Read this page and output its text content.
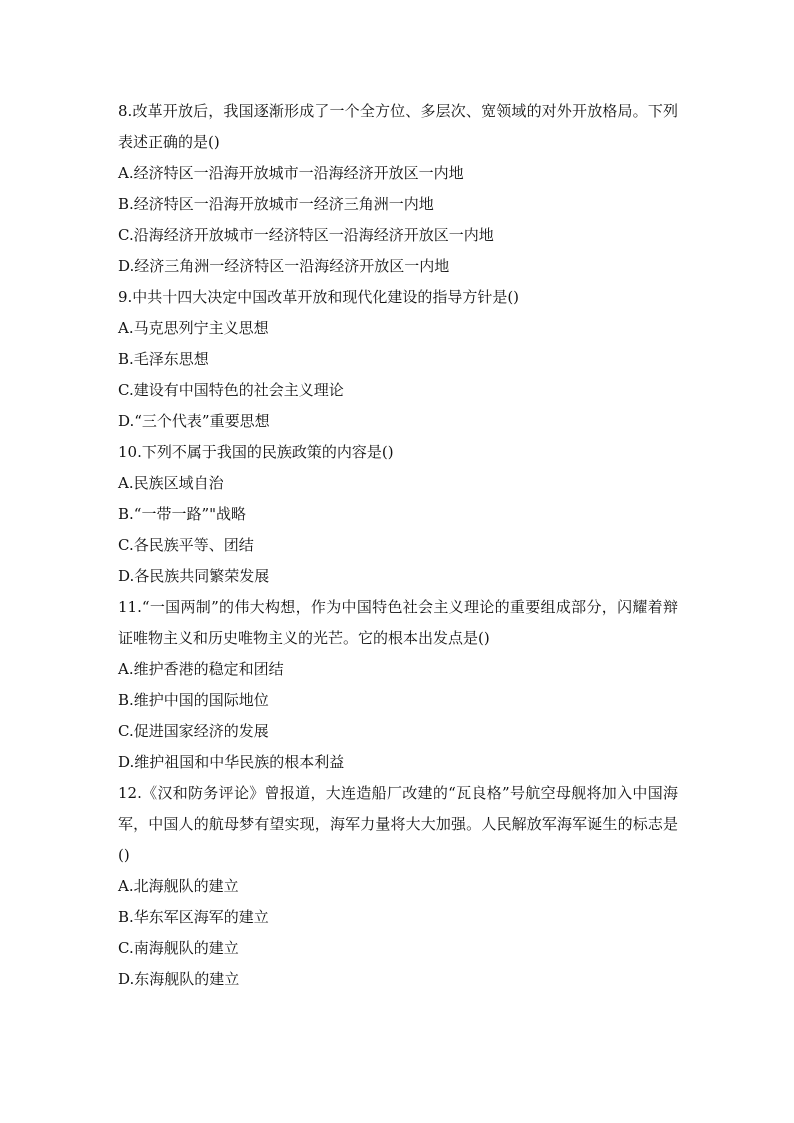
8.改革开放后，我国逐渐形成了一个全方位、多层次、宽领域的对外开放格局。下列表述正确的是()
A.经济特区一沿海开放城市一沿海经济开放区一内地
B.经济特区一沿海开放城市一经济三角洲一内地
C.沿海经济开放城市一经济特区一沿海经济开放区一内地
D.经济三角洲一经济特区一沿海经济开放区一内地
9.中共十四大决定中国改革开放和现代化建设的指导方针是()
A.马克思列宁主义思想
B.毛泽东思想
C.建设有中国特色的社会主义理论
D.“三个代表”重要思想
10.下列不属于我国的民族政策的内容是()
A.民族区域自治
B.“一带一路”"战略
C.各民族平等、团结
D.各民族共同繁荣发展
11.“一国两制”的伟大构想，作为中国特色社会主义理论的重要组成部分，闪耀着辩证唯物主义和历史唯物主义的光芒。它的根本出发点是()
A.维护香港的稳定和团结
B.维护中国的国际地位
C.促进国家经济的发展
D.维护祖国和中华民族的根本利益
12.《汉和防务评论》曾报道，大连造船厂改建的“瓦良格”号航空母舰将加入中国海军，中国人的航母梦有望实现，海军力量将大大加强。人民解放军海军诞生的标志是()
A.北海舰队的建立
B.华东军区海军的建立
C.南海舰队的建立
D.东海舰队的建立
